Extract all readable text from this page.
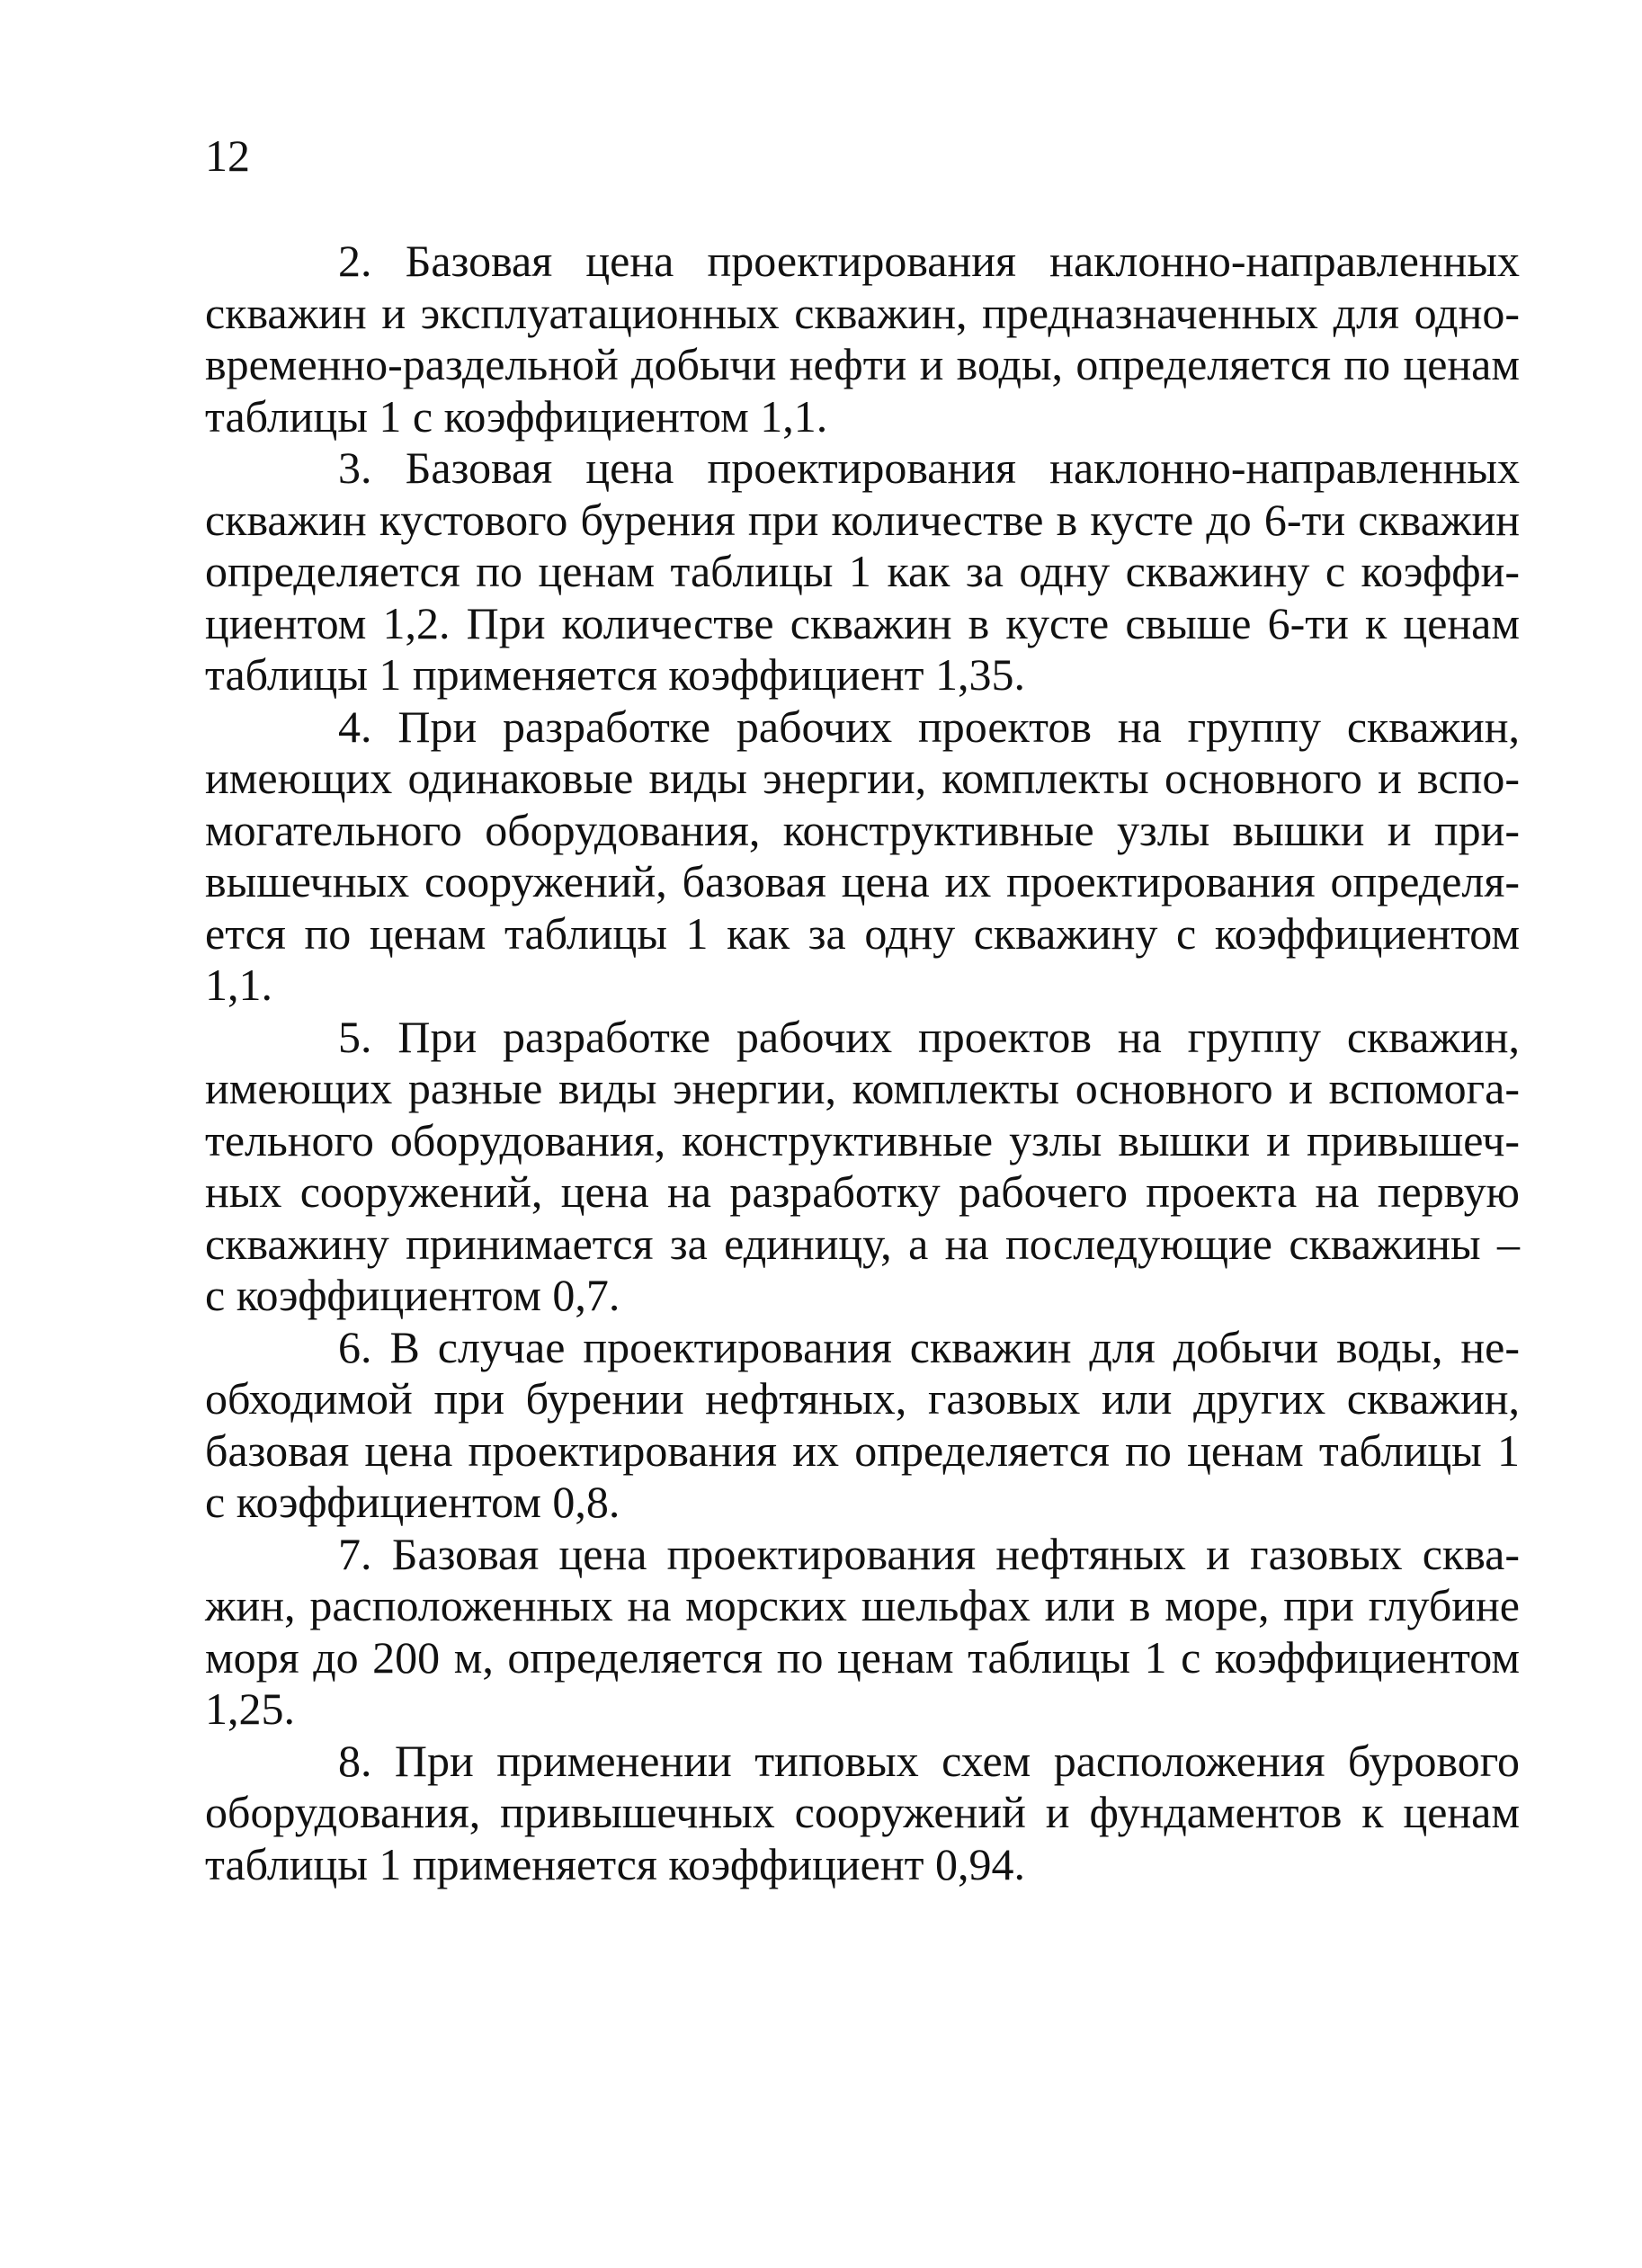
12
2. Базовая цена проектирования наклонно-направленных
скважин и эксплуатационных скважин, предназначенных для одно-
временно-раздельной добычи нефти и воды, определяется по ценам
таблицы 1 с коэффициентом 1,1.
3. Базовая цена проектирования наклонно-направленных
скважин кустового бурения при количестве в кусте до 6-ти скважин
определяется по ценам таблицы 1 как за одну скважину с коэффи-
циентом 1,2. При количестве скважин в кусте свыше 6-ти к ценам
таблицы 1 применяется коэффициент 1,35.
4. При разработке рабочих проектов на группу скважин,
имеющих одинаковые виды энергии, комплекты основного и вспо-
могательного оборудования, конструктивные узлы вышки и при-
вышечных сооружений, базовая цена их проектирования определя-
ется по ценам таблицы 1 как за одну скважину с коэффициентом
1,1.
5. При разработке рабочих проектов на группу скважин,
имеющих разные виды энергии, комплекты основного и вспомога-
тельного оборудования, конструктивные узлы вышки и привышеч-
ных сооружений, цена на разработку рабочего проекта на первую
скважину принимается за единицу, а на последующие скважины –
с коэффициентом 0,7.
6. В случае проектирования скважин для добычи воды, не-
обходимой при бурении нефтяных, газовых или других скважин,
базовая цена проектирования их определяется по ценам таблицы 1
с коэффициентом 0,8.
7. Базовая цена проектирования нефтяных и газовых сква-
жин, расположенных на морских шельфах или в море, при глубине
моря до 200 м, определяется по ценам таблицы 1 с коэффициентом
1,25.
8. При применении типовых схем расположения бурового
оборудования, привышечных сооружений и фундаментов к ценам
таблицы 1 применяется коэффициент 0,94.
